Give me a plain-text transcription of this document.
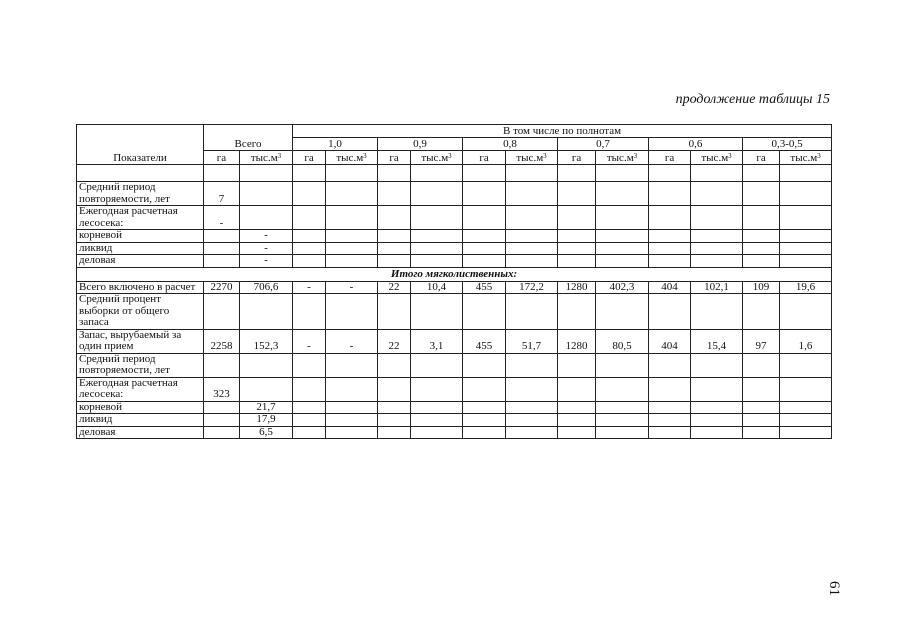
продолжение таблицы 15
Показатели	Всего		В том числе по полнотам											
			1,0		0,9		0,8		0,7		0,6		0,3-0,5	
	га	$тыс.м^3$	га	$тыс.м^3$	га	$тыс.м^3$	га	$тыс.м^3$	га	$тыс.м^3$	га	$тыс.м^3$	га	$тыс.м^3$

Средний период повторяемости, лет	7													
Ежегодная расчетная лесосека:	-													
корневой		-												
ликвид		-												
деловая		-												
Итого мягколиственных:														
Всего включено в расчет	2270	706,6	-	-	22	10,4	455	172,2	1280	402,3	404	102,1	109	19,6
Средний процент выборки от общего запаса														
Запас, вырубаемый за один прием	2258	152,3	-	-	22	3,1	455	51,7	1280	80,5	404	15,4	97	1,6
Средний период повторяемости, лет														
Ежегодная расчетная лесосека:	323													
корневой		21,7												
ликвид		17,9												
деловая		6,5												
61
